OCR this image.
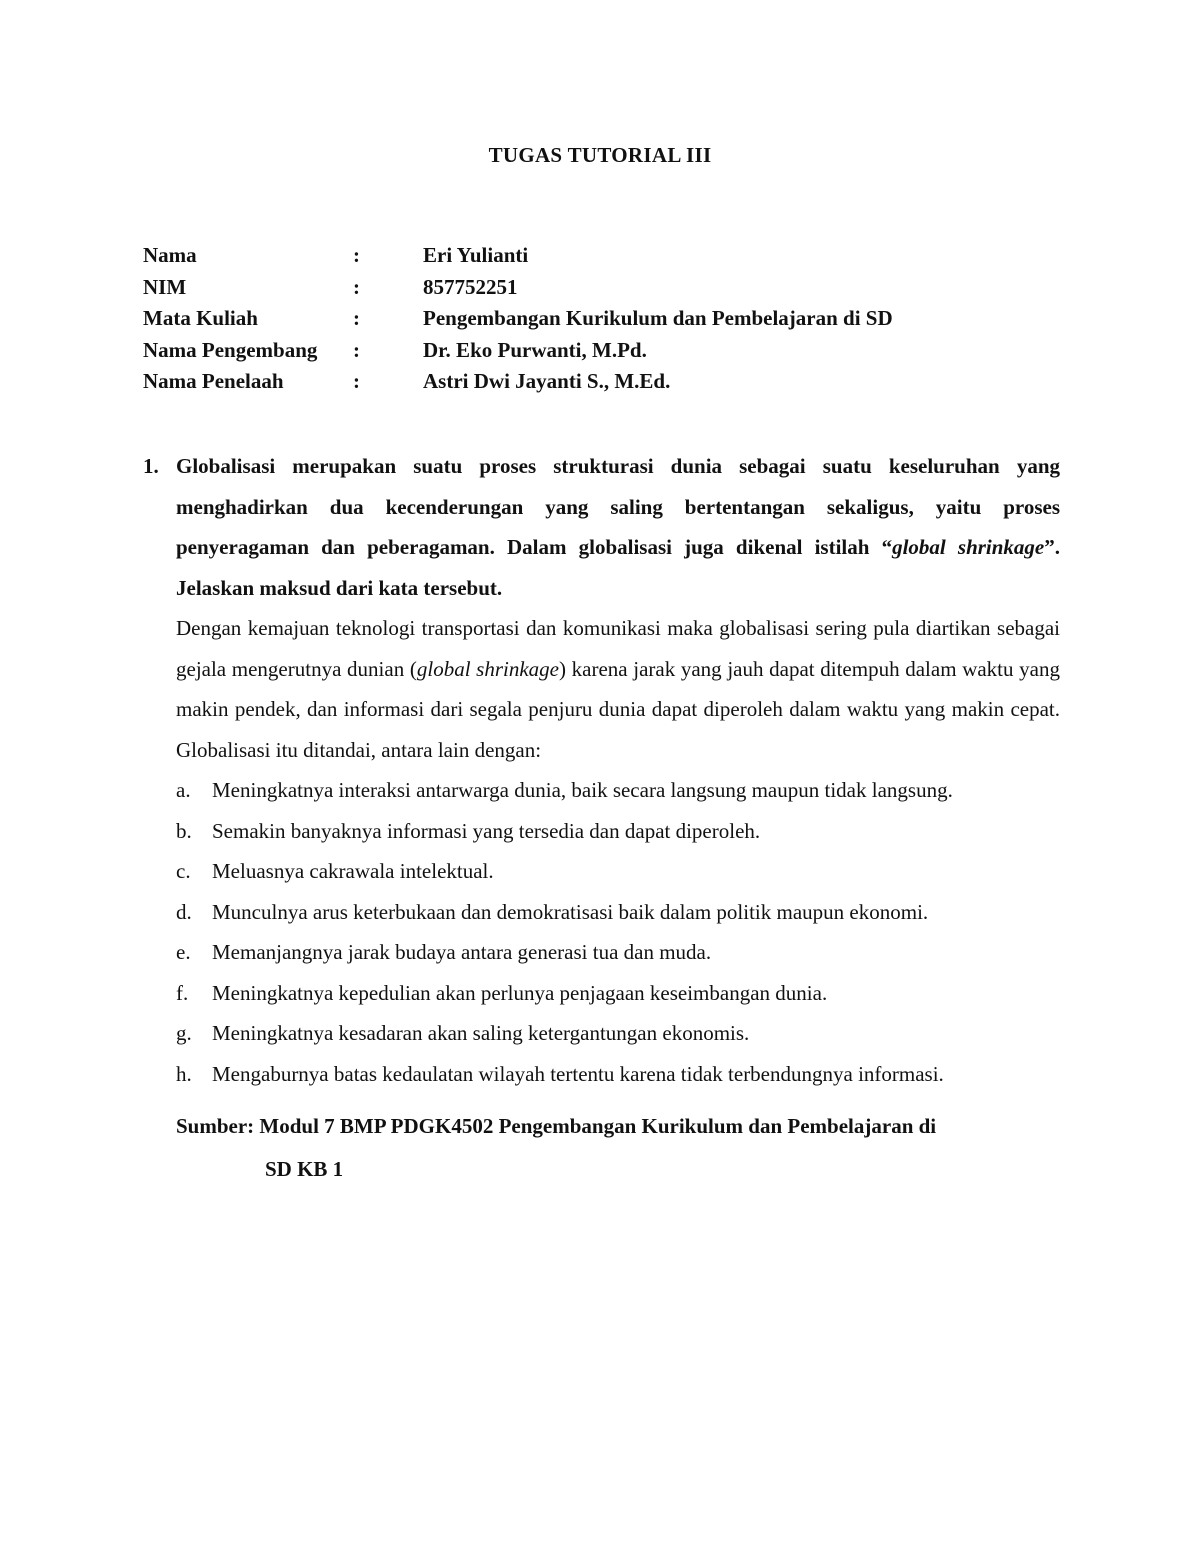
TUGAS TUTORIAL III
Nama	:	Eri Yulianti
NIM	:	857752251
Mata Kuliah	:	Pengembangan Kurikulum dan Pembelajaran di SD
Nama Pengembang :	Dr. Eko Purwanti, M.Pd.
Nama Penelaah	:	Astri Dwi Jayanti S., M.Ed.
1. Globalisasi merupakan suatu proses strukturasi dunia sebagai suatu keseluruhan yang menghadirkan dua kecenderungan yang saling bertentangan sekaligus, yaitu proses penyeragaman dan peberagaman. Dalam globalisasi juga dikenal istilah “global shrinkage”. Jelaskan maksud dari kata tersebut.
Dengan kemajuan teknologi transportasi dan komunikasi maka globalisasi sering pula diartikan sebagai gejala mengerutnya dunian (global shrinkage) karena jarak yang jauh dapat ditempuh dalam waktu yang makin pendek, dan informasi dari segala penjuru dunia dapat diperoleh dalam waktu yang makin cepat. Globalisasi itu ditandai, antara lain dengan:
a. Meningkatnya interaksi antarwarga dunia, baik secara langsung maupun tidak langsung.
b. Semakin banyaknya informasi yang tersedia dan dapat diperoleh.
c. Meluasnya cakrawala intelektual.
d. Munculnya arus keterbukaan dan demokratisasi baik dalam politik maupun ekonomi.
e. Memanjangnya jarak budaya antara generasi tua dan muda.
f. Meningkatnya kepedulian akan perlunya penjagaan keseimbangan dunia.
g. Meningkatnya kesadaran akan saling ketergantungan ekonomis.
h. Mengaburnya batas kedaulatan wilayah tertentu karena tidak terbendungnya informasi.
Sumber: Modul 7 BMP PDGK4502 Pengembangan Kurikulum dan Pembelajaran di
SD KB 1
